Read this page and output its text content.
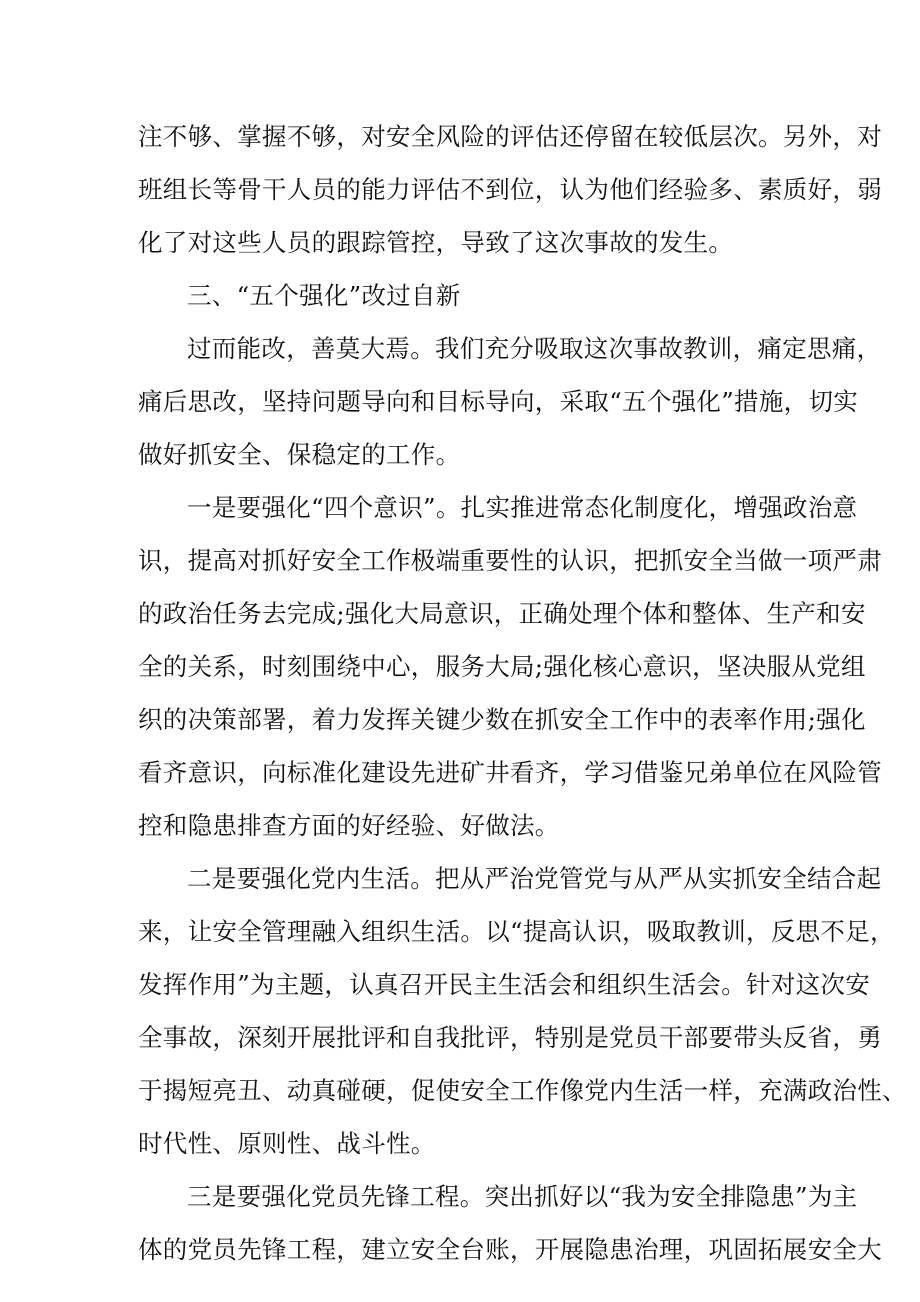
注不够、掌握不够，对安全风险的评估还停留在较低层次。另外，对
班组长等骨干人员的能力评估不到位，认为他们经验多、素质好，弱
化了对这些人员的跟踪管控，导致了这次事故的发生。
三、“五个强化”改过自新
过而能改，善莫大焉。我们充分吸取这次事故教训，痛定思痛，
痛后思改，坚持问题导向和目标导向，采取“五个强化”措施，切实
做好抓安全、保稳定的工作。
一是要强化“四个意识”。扎实推进常态化制度化，增强政治意
识，提高对抓好安全工作极端重要性的认识，把抓安全当做一项严肃
的政治任务去完成;强化大局意识，正确处理个体和整体、生产和安
全的关系，时刻围绕中心，服务大局;强化核心意识，坚决服从党组
织的决策部署，着力发挥关键少数在抓安全工作中的表率作用;强化
看齐意识，向标准化建设先进矿井看齐，学习借鉴兄弟单位在风险管
控和隐患排查方面的好经验、好做法。
二是要强化党内生活。把从严治党管党与从严从实抓安全结合起
来，让安全管理融入组织生活。以“提高认识，吸取教训，反思不足，
发挥作用”为主题，认真召开民主生活会和组织生活会。针对这次安
全事故，深刻开展批评和自我批评，特别是党员干部要带头反省，勇
于揭短亮丑、动真碰硬，促使安全工作像党内生活一样，充满政治性、
时代性、原则性、战斗性。
三是要强化党员先锋工程。突出抓好以“我为安全排隐患”为主
体的党员先锋工程，建立安全台账，开展隐患治理，巩固拓展安全大
